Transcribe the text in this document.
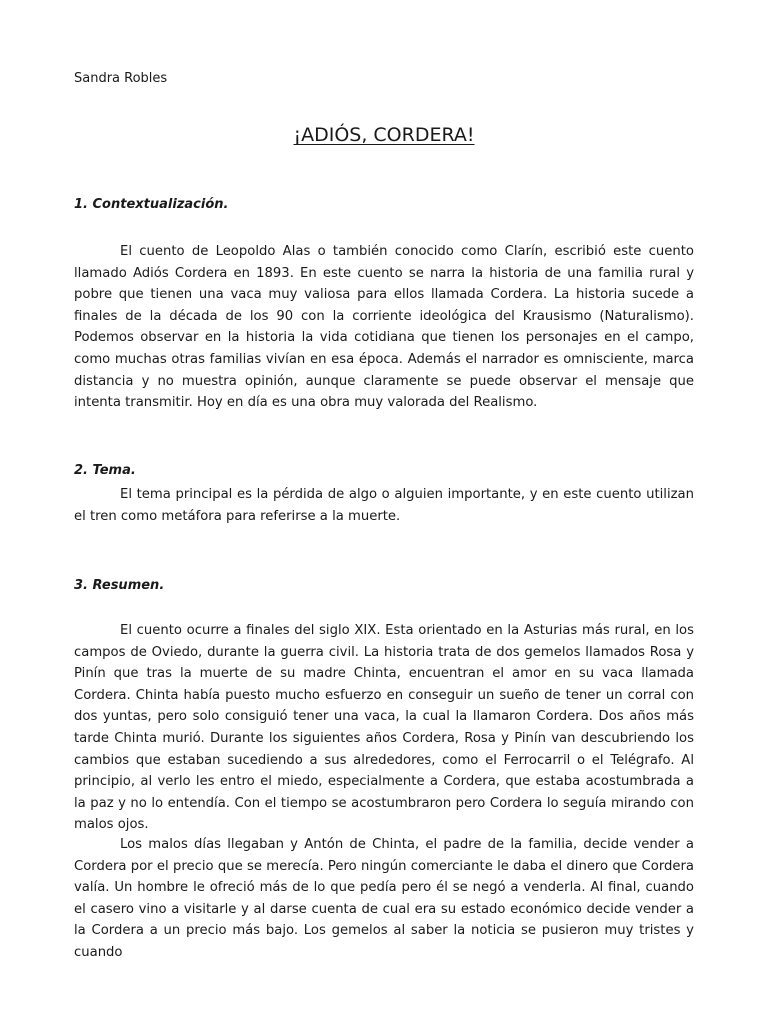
Sandra Robles
¡ADIÓS, CORDERA!
1. Contextualización.

El cuento de Leopoldo Alas o también conocido como Clarín, escribió este cuento llamado Adiós Cordera en 1893. En este cuento se narra la historia de una familia rural y pobre que tienen una vaca muy valiosa para ellos llamada Cordera. La historia sucede a finales de la década de los 90 con la corriente ideológica del Krausismo (Naturalismo). Podemos observar en la historia la vida cotidiana que tienen los personajes en el campo, como muchas otras familias vivían en esa época. Además el narrador es omnisciente, marca distancia y no muestra opinión, aunque claramente se puede observar el mensaje que intenta transmitir. Hoy en día es una obra muy valorada del Realismo.

2. Tema.

El tema principal es la pérdida de algo o alguien importante, y en este cuento utilizan el tren como metáfora para referirse a la muerte.

3. Resumen.

El cuento ocurre a finales del siglo XIX. Esta orientado en la Asturias más rural, en los campos de Oviedo, durante la guerra civil. La historia trata de dos gemelos llamados Rosa y Pinín que tras la muerte de su madre Chinta, encuentran el amor en su vaca llamada Cordera. Chinta había puesto mucho esfuerzo en conseguir un sueño de tener un corral con dos yuntas, pero solo consiguió tener una vaca, la cual la llamaron Cordera. Dos años más tarde Chinta murió. Durante los siguientes años Cordera, Rosa y Pinín van descubriendo los cambios que estaban sucediendo a sus alrededores, como el Ferrocarril o el Telégrafo. Al principio, al verlo les entro el miedo, especialmente a Cordera, que estaba acostumbrada a la paz y no lo entendía. Con el tiempo se acostumbraron pero Cordera lo seguía mirando con malos ojos.

Los malos días llegaban y Antón de Chinta, el padre de la familia, decide vender a Cordera por el precio que se merecía. Pero ningún comerciante le daba el dinero que Cordera valía. Un hombre le ofreció más de lo que pedía pero él se negó a venderla. Al final, cuando el casero vino a visitarle y al darse cuenta de cual era su estado económico decide vender a la Cordera a un precio más bajo. Los gemelos al saber la noticia se pusieron muy tristes y cuando
